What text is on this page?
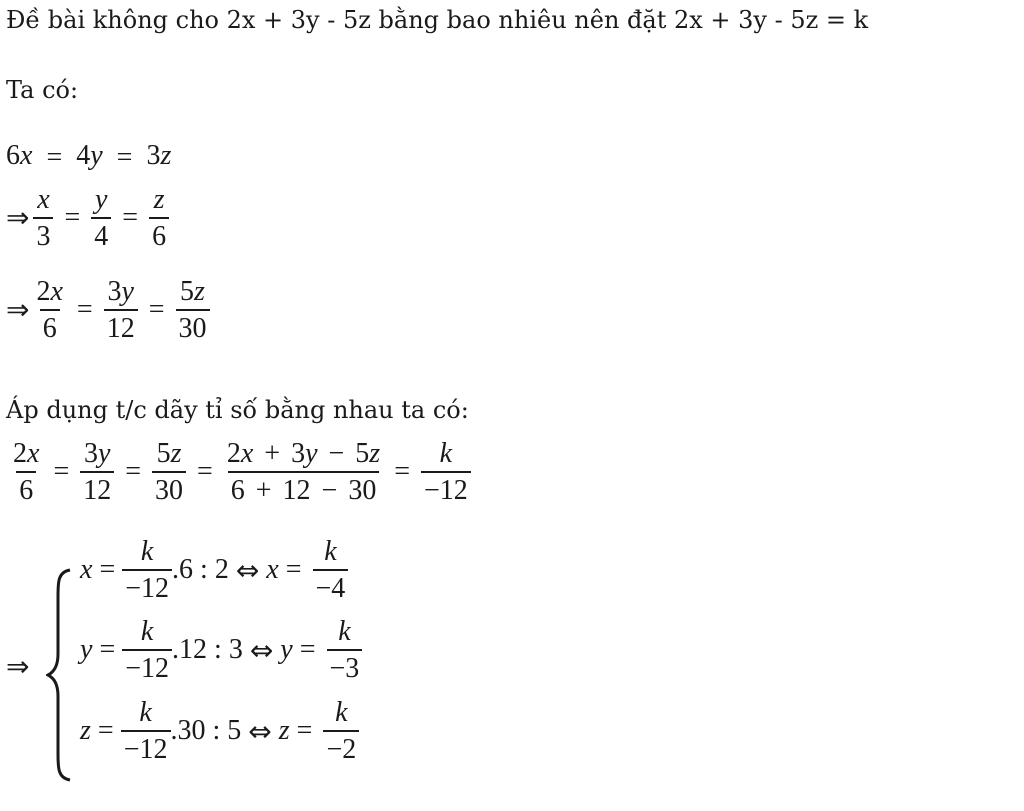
Đề bài không cho 2x + 3y - 5z bằng bao nhiêu nên đặt 2x + 3y - 5z = k
Ta có:
6x = 4y = 3z
⇒ $\frac{x}{3} = \frac{y}{4} = \frac{z}{6}$
⇒ $\frac{2x}{6} = \frac{3y}{12} = \frac{5z}{30}$
Áp dụng t/c dãy tỉ số bằng nhau ta có:
$\frac{2x}{6} = \frac{3y}{12} = \frac{5z}{30} = \frac{2x + 3y - 5z}{6 + 12 - 30} = \frac{k}{-12}$
⇒
$x = \frac{k}{-12} .6$ : 2 ⇔ $x = \frac{k}{-4}$
$y = \frac{k}{-12} .12$ : 3 ⇔ $y = \frac{k}{-3}$
$z = \frac{k}{-12} .30$ : 5 ⇔ $z = \frac{k}{-2}$
